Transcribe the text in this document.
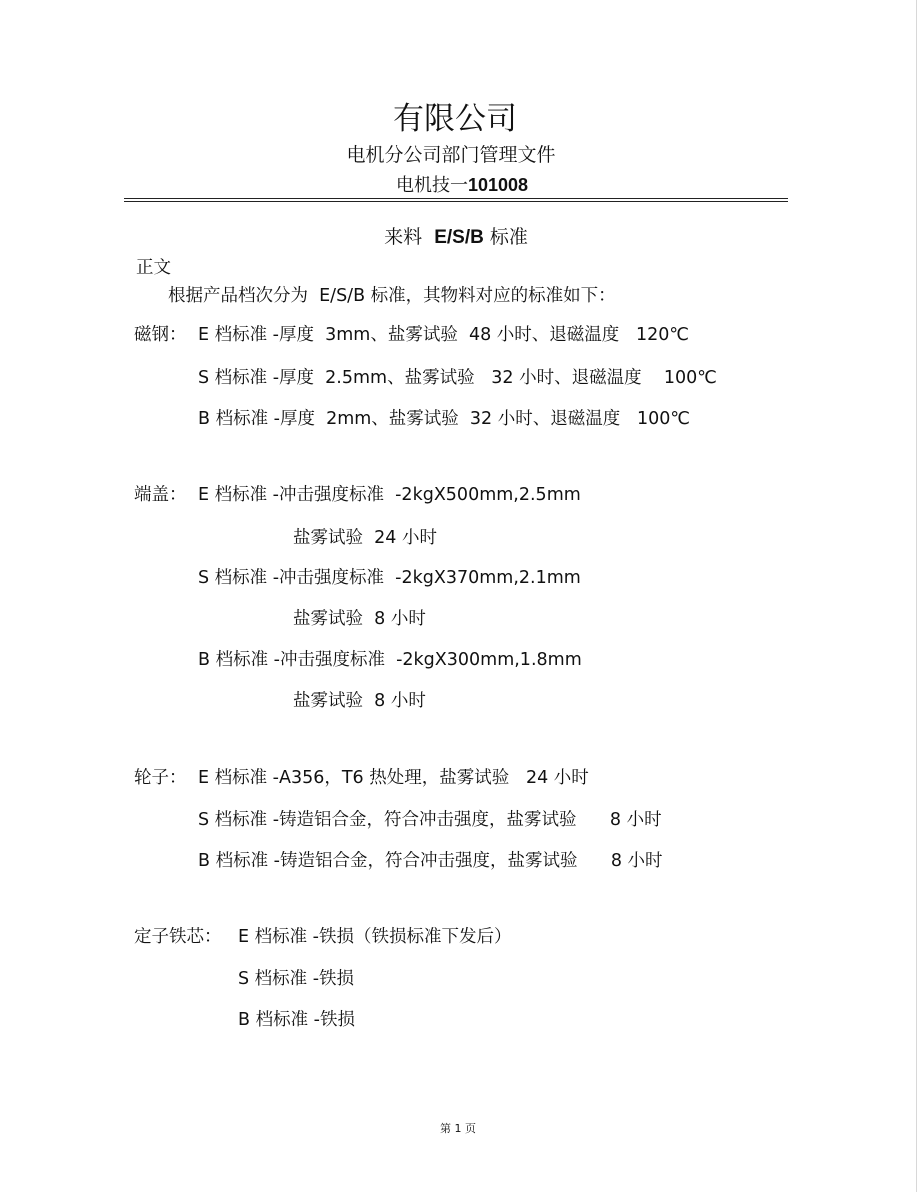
有限公司
电机分公司部门管理文件
电机技一101008
来料 E/S/B 标准
正文
根据产品档次分为  E/S/B 标准，其物料对应的标准如下：
磁钢： E 档标准 -厚度  3mm、盐雾试验  48 小时、退磁温度   120℃
S 档标准 -厚度  2.5mm、盐雾试验   32 小时、退磁温度    100℃
B 档标准 -厚度  2mm、盐雾试验  32 小时、退磁温度   100℃
端盖： E 档标准 -冲击强度标准  -2kgX500mm,2.5mm
盐雾试验  24 小时
S 档标准 -冲击强度标准  -2kgX370mm,2.1mm
盐雾试验  8 小时
B 档标准 -冲击强度标准  -2kgX300mm,1.8mm
盐雾试验  8 小时
轮子： E 档标准 -A356，T6 热处理，盐雾试验   24 小时
S 档标准 -铸造铝合金，符合冲击强度，盐雾试验      8 小时
B 档标准 -铸造铝合金，符合冲击强度，盐雾试验      8 小时
定子铁芯： E 档标准 -铁损（铁损标准下发后）
S 档标准 -铁损
B 档标准 -铁损
第 1 页
